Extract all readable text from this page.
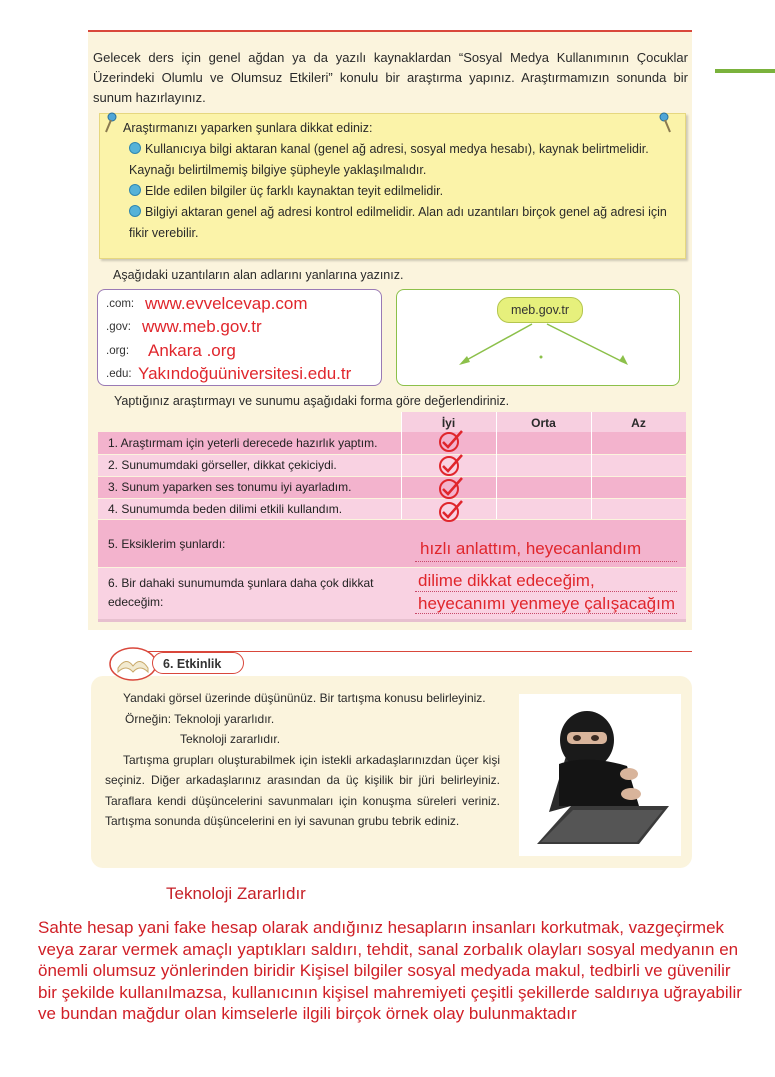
Gelecek ders için genel ağdan ya da yazılı kaynaklardan “Sosyal Medya Kullanımının Çocuklar Üzerindeki Olumlu ve Olumsuz Etkileri” konulu bir araştırma yapınız. Araştırmamızın sonunda bir sunum hazırlayınız.
Araştırmanızı yaparken şunlara dikkat ediniz:
Kullanıcıya bilgi aktaran kanal (genel ağ adresi, sosyal medya hesabı), kaynak belirtmelidir. Kaynağı belirtilmemiş bilgiye şüpheyle yaklaşılmalıdır.
Elde edilen bilgiler üç farklı kaynaktan teyit edilmelidir.
Bilgiyi aktaran genel ağ adresi kontrol edilmelidir. Alan adı uzantıları birçok genel ağ adresi için fikir verebilir.
Aşağıdaki uzantıların alan adlarını yanlarına yazınız.
.com:
.gov:
.org:
.edu:
www.evvelcevap.com
www.meb.gov.tr
Ankara .org
Yakındoğuüniversitesi.edu.tr
meb.gov.tr
Yaptığınız araştırmayı ve sunumu aşağıdaki forma göre değerlendiriniz.
İyi	Orta	Az
1. Araştırmam için yeterli derecede hazırlık yaptım.
2. Sunumumdaki görseller, dikkat çekiciydi.
3. Sunum yaparken ses tonumu iyi ayarladım.
4. Sunumumda beden dilimi etkili kullandım.
5. Eksiklerim şunlardı:
6. Bir dahaki sunumumda şunlara daha çok dikkat
edeceğim:
hızlı anlattım, heyecanlandım
dilime dikkat edeceğim,
heyecanımı yenmeye çalışacağım
6. Etkinlik
Yandaki görsel üzerinde düşününüz. Bir tartışma konusu belirleyiniz.
Örneğin: Teknoloji yararlıdır.
Teknoloji zararlıdır.
Tartışma grupları oluşturabilmek için istekli arkadaşlarınızdan üçer kişi seçiniz. Diğer arkadaşlarınız arasından da üç kişilik bir jüri belirleyiniz. Taraflara kendi düşüncelerini savunmaları için konuşma süreleri veriniz. Tartışma sonunda düşüncelerini en iyi savunan grubu tebrik ediniz.
Teknoloji Zararlıdır
Sahte hesap yani fake hesap olarak andığınız hesapların insanları korkutmak, vazgeçirmek veya zarar vermek amaçlı yaptıkları saldırı, tehdit, sanal zorbalık olayları sosyal medyanın en önemli olumsuz yönlerinden biridir Kişisel bilgiler sosyal medyada makul, tedbirli ve güvenilir bir şekilde kullanılmazsa, kullanıcının kişisel mahremiyeti çeşitli şekillerde saldırıya uğrayabilir ve bundan mağdur olan kimselerle ilgili birçok örnek olay bulunmaktadır
